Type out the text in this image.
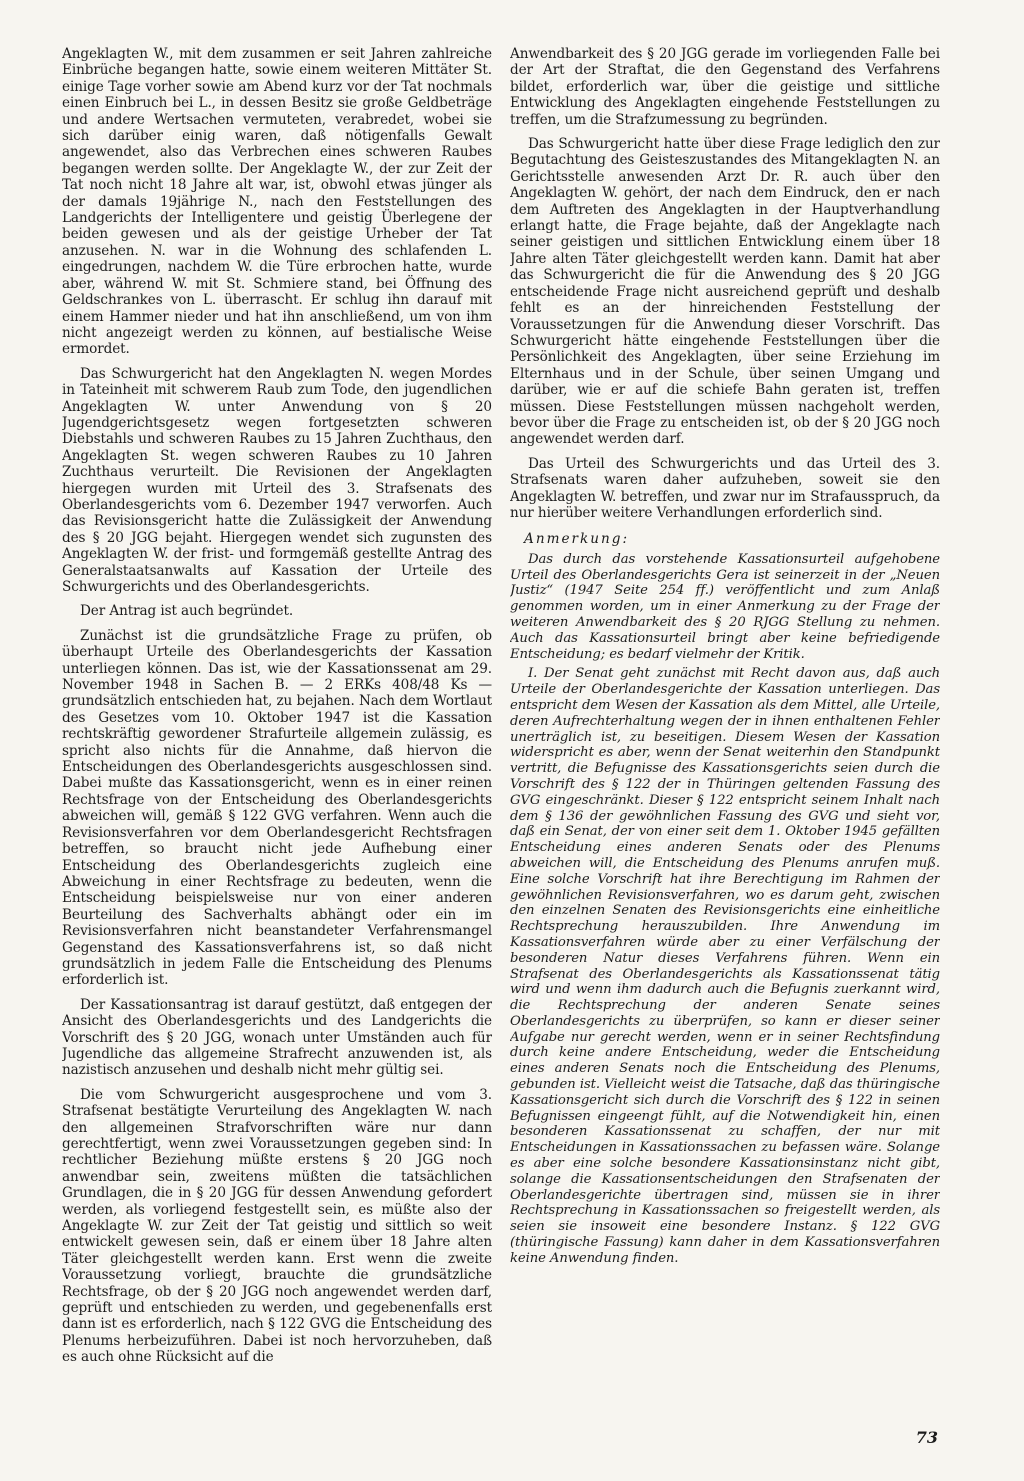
Angeklagten W., mit dem zusammen er seit Jahren zahlreiche Einbrüche begangen hatte, sowie einem weiteren Mittäter St. einige Tage vorher sowie am Abend kurz vor der Tat nochmals einen Einbruch bei L., in dessen Besitz sie große Geldbeträge und andere Wertsachen vermuteten, verabredet, wobei sie sich darüber einig waren, daß nötigenfalls Gewalt angewendet, also das Verbrechen eines schweren Raubes begangen werden sollte. Der Angeklagte W., der zur Zeit der Tat noch nicht 18 Jahre alt war, ist, obwohl etwas jünger als der damals 19jährige N., nach den Feststellungen des Landgerichts der Intelligentere und geistig Überlegene der beiden gewesen und als der geistige Urheber der Tat anzusehen. N. war in die Wohnung des schlafenden L. eingedrungen, nachdem W. die Türe erbrochen hatte, wurde aber, während W. mit St. Schmiere stand, bei Öffnung des Geldschrankes von L. überrascht. Er schlug ihn darauf mit einem Hammer nieder und hat ihn anschließend, um von ihm nicht angezeigt werden zu können, auf bestialische Weise ermordet.

Das Schwurgericht hat den Angeklagten N. wegen Mordes in Tateinheit mit schwerem Raub zum Tode, den jugendlichen Angeklagten W. unter Anwendung von § 20 Jugendgerichtsgesetz wegen fortgesetzten schweren Diebstahls und schweren Raubes zu 15 Jahren Zuchthaus, den Angeklagten St. wegen schweren Raubes zu 10 Jahren Zuchthaus verurteilt. Die Revisionen der Angeklagten hiergegen wurden mit Urteil des 3. Strafsenats des Oberlandesgerichts vom 6. Dezember 1947 verworfen. Auch das Revisionsgericht hatte die Zulässigkeit der Anwendung des § 20 JGG bejaht. Hiergegen wendet sich zugunsten des Angeklagten W. der frist- und formgemäß gestellte Antrag des Generalstaatsanwalts auf Kassation der Urteile des Schwurgerichts und des Oberlandesgerichts.

Der Antrag ist auch begründet.

Zunächst ist die grundsätzliche Frage zu prüfen, ob überhaupt Urteile des Oberlandesgerichts der Kassation unterliegen können. Das ist, wie der Kassationssenat am 29. November 1948 in Sachen B. — 2 ERKs 408/48 Ks — grundsätzlich entschieden hat, zu bejahen. Nach dem Wortlaut des Gesetzes vom 10. Oktober 1947 ist die Kassation rechtskräftig gewordener Strafurteile allgemein zulässig, es spricht also nichts für die Annahme, daß hiervon die Entscheidungen des Oberlandesgerichts ausgeschlossen sind. Dabei mußte das Kassationsgericht, wenn es in einer reinen Rechtsfrage von der Entscheidung des Oberlandesgerichts abweichen will, gemäß § 122 GVG verfahren. Wenn auch die Revisionsverfahren vor dem Oberlandesgericht Rechtsfragen betreffen, so braucht nicht jede Aufhebung einer Entscheidung des Oberlandesgerichts zugleich eine Abweichung in einer Rechtsfrage zu bedeuten, wenn die Entscheidung beispielsweise nur von einer anderen Beurteilung des Sachverhalts abhängt oder ein im Revisionsverfahren nicht beanstandeter Verfahrensmangel Gegenstand des Kassationsverfahrens ist, so daß nicht grundsätzlich in jedem Falle die Entscheidung des Plenums erforderlich ist.

Der Kassationsantrag ist darauf gestützt, daß entgegen der Ansicht des Oberlandesgerichts und des Landgerichts die Vorschrift des § 20 JGG, wonach unter Umständen auch für Jugendliche das allgemeine Strafrecht anzuwenden ist, als nazistisch anzusehen und deshalb nicht mehr gültig sei.

Die vom Schwurgericht ausgesprochene und vom 3. Strafsenat bestätigte Verurteilung des Angeklagten W. nach den allgemeinen Strafvorschriften wäre nur dann gerechtfertigt, wenn zwei Voraussetzungen gegeben sind: In rechtlicher Beziehung müßte erstens § 20 JGG noch anwendbar sein, zweitens müßten die tatsächlichen Grundlagen, die in § 20 JGG für dessen Anwendung gefordert werden, als vorliegend festgestellt sein, es müßte also der Angeklagte W. zur Zeit der Tat geistig und sittlich so weit entwickelt gewesen sein, daß er einem über 18 Jahre alten Täter gleichgestellt werden kann. Erst wenn die zweite Voraussetzung vorliegt, brauchte die grundsätzliche Rechtsfrage, ob der § 20 JGG noch angewendet werden darf, geprüft und entschieden zu werden, und gegebenenfalls erst dann ist es erforderlich, nach § 122 GVG die Entscheidung des Plenums herbeizuführen. Dabei ist noch hervorzuheben, daß es auch ohne Rücksicht auf die

Anwendbarkeit des § 20 JGG gerade im vorliegenden Falle bei der Art der Straftat, die den Gegenstand des Verfahrens bildet, erforderlich war, über die geistige und sittliche Entwicklung des Angeklagten eingehende Feststellungen zu treffen, um die Strafzumessung zu begründen.

Das Schwurgericht hatte über diese Frage lediglich den zur Begutachtung des Geisteszustandes des Mitangeklagten N. an Gerichtsstelle anwesenden Arzt Dr. R. auch über den Angeklagten W. gehört, der nach dem Eindruck, den er nach dem Auftreten des Angeklagten in der Hauptverhandlung erlangt hatte, die Frage bejahte, daß der Angeklagte nach seiner geistigen und sittlichen Entwicklung einem über 18 Jahre alten Täter gleichgestellt werden kann. Damit hat aber das Schwurgericht die für die Anwendung des § 20 JGG entscheidende Frage nicht ausreichend geprüft und deshalb fehlt es an der hinreichenden Feststellung der Voraussetzungen für die Anwendung dieser Vorschrift. Das Schwurgericht hätte eingehende Feststellungen über die Persönlichkeit des Angeklagten, über seine Erziehung im Elternhaus und in der Schule, über seinen Umgang und darüber, wie er auf die schiefe Bahn geraten ist, treffen müssen. Diese Feststellungen müssen nachgeholt werden, bevor über die Frage zu entscheiden ist, ob der § 20 JGG noch angewendet werden darf.

Das Urteil des Schwurgerichts und das Urteil des 3. Strafsenats waren daher aufzuheben, soweit sie den Angeklagten W. betreffen, und zwar nur im Strafausspruch, da nur hierüber weitere Verhandlungen erforderlich sind.

Anmerkung:

Das durch das vorstehende Kassationsurteil aufgehobene Urteil des Oberlandesgerichts Gera ist seinerzeit in der „Neuen Justiz“ (1947 Seite 254 ff.) veröffentlicht und zum Anlaß genommen worden, um in einer Anmerkung zu der Frage der weiteren Anwendbarkeit des § 20 RJGG Stellung zu nehmen. Auch das Kassationsurteil bringt aber keine befriedigende Entscheidung; es bedarf vielmehr der Kritik.

I. Der Senat geht zunächst mit Recht davon aus, daß auch Urteile der Oberlandesgerichte der Kassation unterliegen. Das entspricht dem Wesen der Kassation als dem Mittel, alle Urteile, deren Aufrechterhaltung wegen der in ihnen enthaltenen Fehler unerträglich ist, zu beseitigen. Diesem Wesen der Kassation widerspricht es aber, wenn der Senat weiterhin den Standpunkt vertritt, die Befugnisse des Kassationsgerichts seien durch die Vorschrift des § 122 der in Thüringen geltenden Fassung des GVG eingeschränkt. Dieser § 122 entspricht seinem Inhalt nach dem § 136 der gewöhnlichen Fassung des GVG und sieht vor, daß ein Senat, der von einer seit dem 1. Oktober 1945 gefällten Entscheidung eines anderen Senats oder des Plenums abweichen will, die Entscheidung des Plenums anrufen muß. Eine solche Vorschrift hat ihre Berechtigung im Rahmen der gewöhnlichen Revisionsverfahren, wo es darum geht, zwischen den einzelnen Senaten des Revisionsgerichts eine einheitliche Rechtsprechung herauszubilden. Ihre Anwendung im Kassationsverfahren würde aber zu einer Verfälschung der besonderen Natur dieses Verfahrens führen. Wenn ein Strafsenat des Oberlandesgerichts als Kassationssenat tätig wird und wenn ihm dadurch auch die Befugnis zuerkannt wird, die Rechtsprechung der anderen Senate seines Oberlandesgerichts zu überprüfen, so kann er dieser seiner Aufgabe nur gerecht werden, wenn er in seiner Rechtsfindung durch keine andere Entscheidung, weder die Entscheidung eines anderen Senats noch die Entscheidung des Plenums, gebunden ist. Vielleicht weist die Tatsache, daß das thüringische Kassationsgericht sich durch die Vorschrift des § 122 in seinen Befugnissen eingeengt fühlt, auf die Notwendigkeit hin, einen besonderen Kassationssenat zu schaffen, der nur mit Entscheidungen in Kassationssachen zu befassen wäre. Solange es aber eine solche besondere Kassationsinstanz nicht gibt, solange die Kassationsentscheidungen den Strafsenaten der Oberlandesgerichte übertragen sind, müssen sie in ihrer Rechtsprechung in Kassationssachen so freigestellt werden, als seien sie insoweit eine besondere Instanz. § 122 GVG (thüringische Fassung) kann daher in dem Kassationsverfahren keine Anwendung finden.

73
